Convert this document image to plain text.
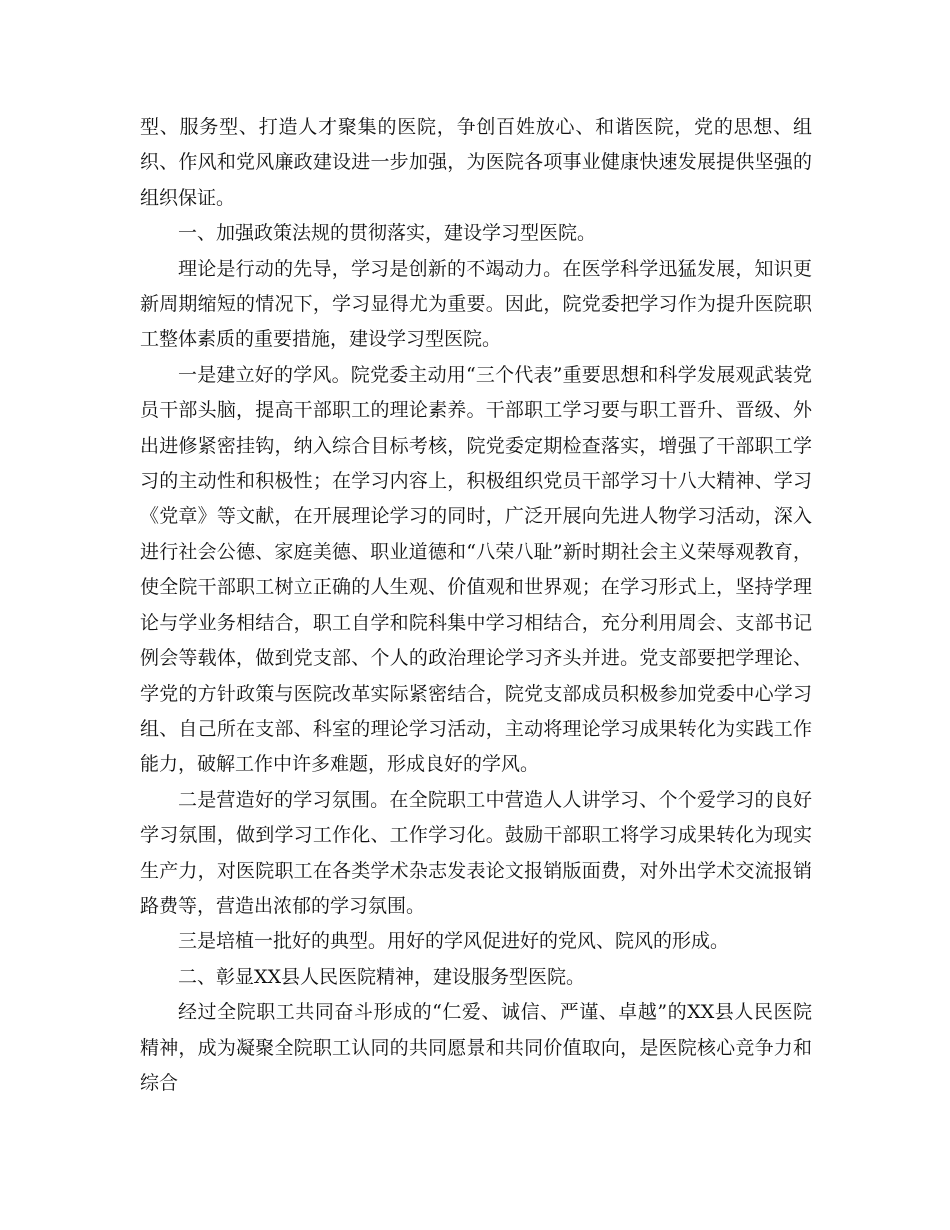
型、服务型、打造人才聚集的医院，争创百姓放心、和谐医院，党的思想、组织、作风和党风廉政建设进一步加强，为医院各项事业健康快速发展提供坚强的组织保证。

一、加强政策法规的贯彻落实，建设学习型医院。

理论是行动的先导，学习是创新的不竭动力。在医学科学迅猛发展，知识更新周期缩短的情况下，学习显得尤为重要。因此，院党委把学习作为提升医院职工整体素质的重要措施，建设学习型医院。

一是建立好的学风。院党委主动用“三个代表”重要思想和科学发展观武装党员干部头脑，提高干部职工的理论素养。干部职工学习要与职工晋升、晋级、外出进修紧密挂钩，纳入综合目标考核，院党委定期检查落实，增强了干部职工学习的主动性和积极性；在学习内容上，积极组织党员干部学习十八大精神、学习《党章》等文献，在开展理论学习的同时，广泛开展向先进人物学习活动，深入进行社会公德、家庭美德、职业道德和“八荣八耻”新时期社会主义荣辱观教育，使全院干部职工树立正确的人生观、价值观和世界观；在学习形式上，坚持学理论与学业务相结合，职工自学和院科集中学习相结合，充分利用周会、支部书记例会等载体，做到党支部、个人的政治理论学习齐头并进。党支部要把学理论、学党的方针政策与医院改革实际紧密结合，院党支部成员积极参加党委中心学习组、自己所在支部、科室的理论学习活动，主动将理论学习成果转化为实践工作能力，破解工作中许多难题，形成良好的学风。

二是营造好的学习氛围。在全院职工中营造人人讲学习、个个爱学习的良好学习氛围，做到学习工作化、工作学习化。鼓励干部职工将学习成果转化为现实生产力，对医院职工在各类学术杂志发表论文报销版面费，对外出学术交流报销路费等，营造出浓郁的学习氛围。

三是培植一批好的典型。用好的学风促进好的党风、院风的形成。

二、彰显XX县人民医院精神，建设服务型医院。

经过全院职工共同奋斗形成的“仁爱、诚信、严谨、卓越”的XX县人民医院精神，成为凝聚全院职工认同的共同愿景和共同价值取向，是医院核心竞争力和综合
